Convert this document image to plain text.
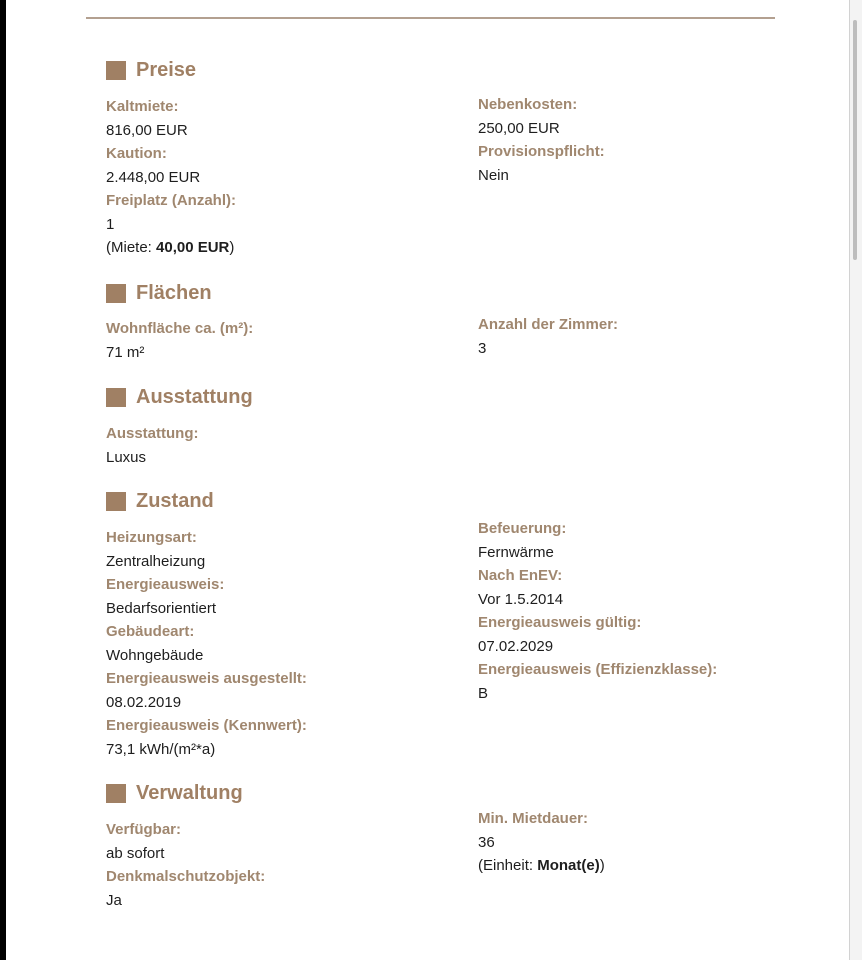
Preise
Kaltmiete:
816,00 EUR
Kaution:
2.448,00 EUR
Freiplatz (Anzahl):
1
(Miete: 40,00 EUR)
Nebenkosten:
250,00 EUR
Provisionspflicht:
Nein
Flächen
Wohnfläche ca. (m²):
71 m²
Anzahl der Zimmer:
3
Ausstattung
Ausstattung:
Luxus
Zustand
Heizungsart:
Zentralheizung
Energieausweis:
Bedarfsorientiert
Gebäudeart:
Wohngebäude
Energieausweis ausgestellt:
08.02.2019
Energieausweis (Kennwert):
73,1 kWh/(m²*a)
Befeuerung:
Fernwärme
Nach EnEV:
Vor 1.5.2014
Energieausweis gültig:
07.02.2029
Energieausweis (Effizienzklasse):
B
Verwaltung
Verfügbar:
ab sofort
Denkmalschutzobjekt:
Ja
Min. Mietdauer:
36
(Einheit: Monat(e))
